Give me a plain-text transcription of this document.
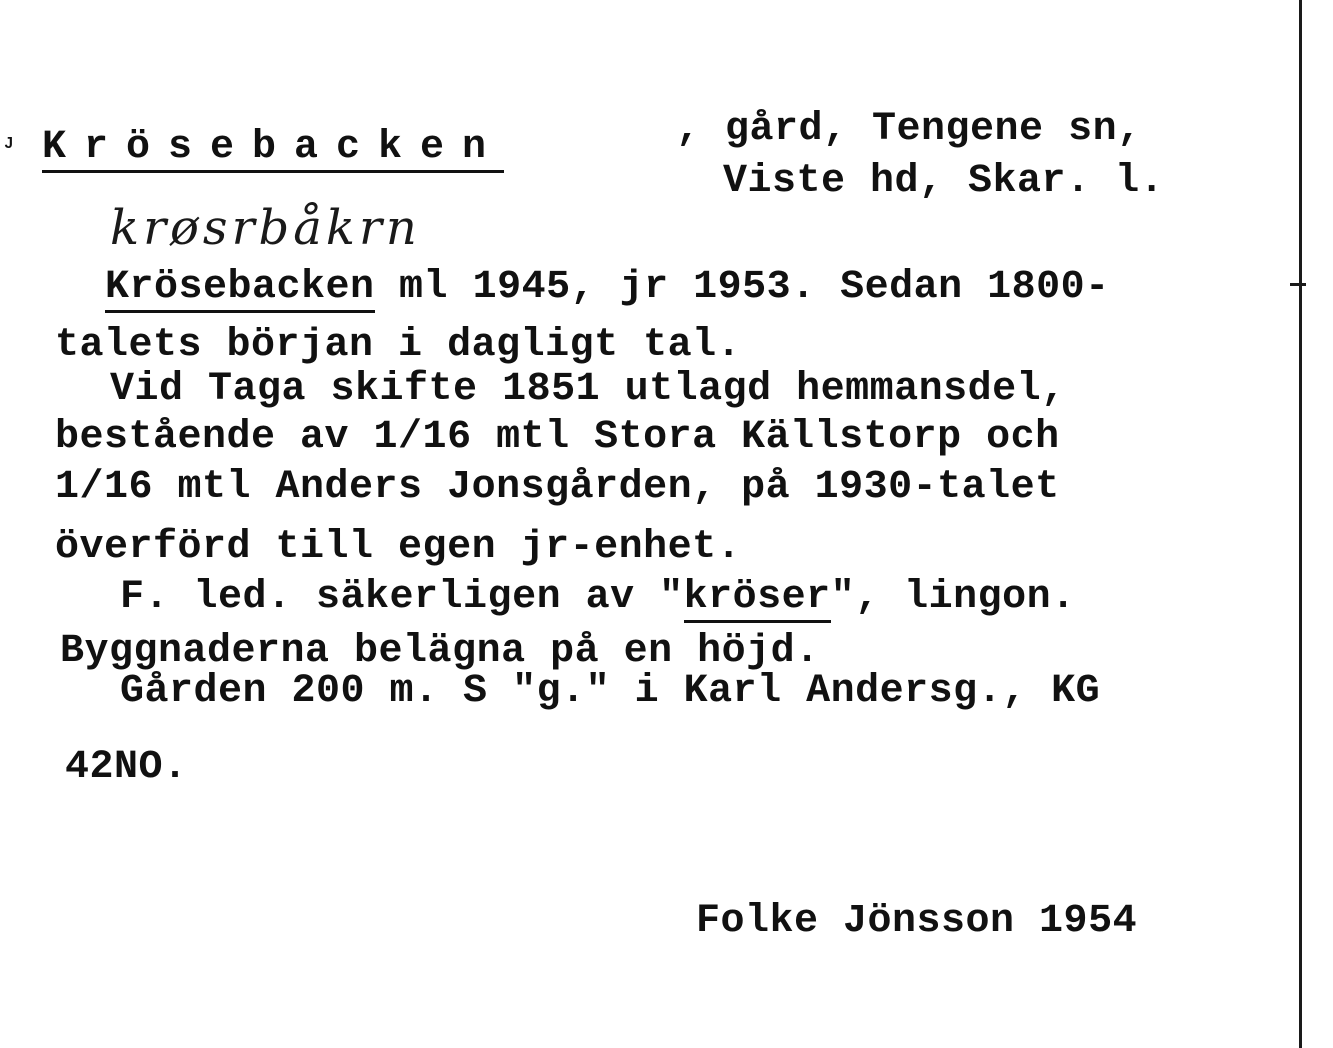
ᴶ Krösebacken	, gård, Tengene sn,
Viste hd, Skar. l.
krøsrbåkrn
Krösebacken ml 1945, jr 1953. Sedan 1800-
talets början i dagligt tal.
Vid Taga skifte 1851 utlagd hemmansdel,
bestående av 1/16 mtl Stora Källstorp och
1/16 mtl Anders Jonsgården, på 1930-talet
överförd till egen jr-enhet.
F. led. säkerligen av "kröser", lingon.
Byggnaderna belägna på en höjd.
Gården 200 m. S "g." i Karl Andersg., KG
42NO.
Folke Jönsson 1954
